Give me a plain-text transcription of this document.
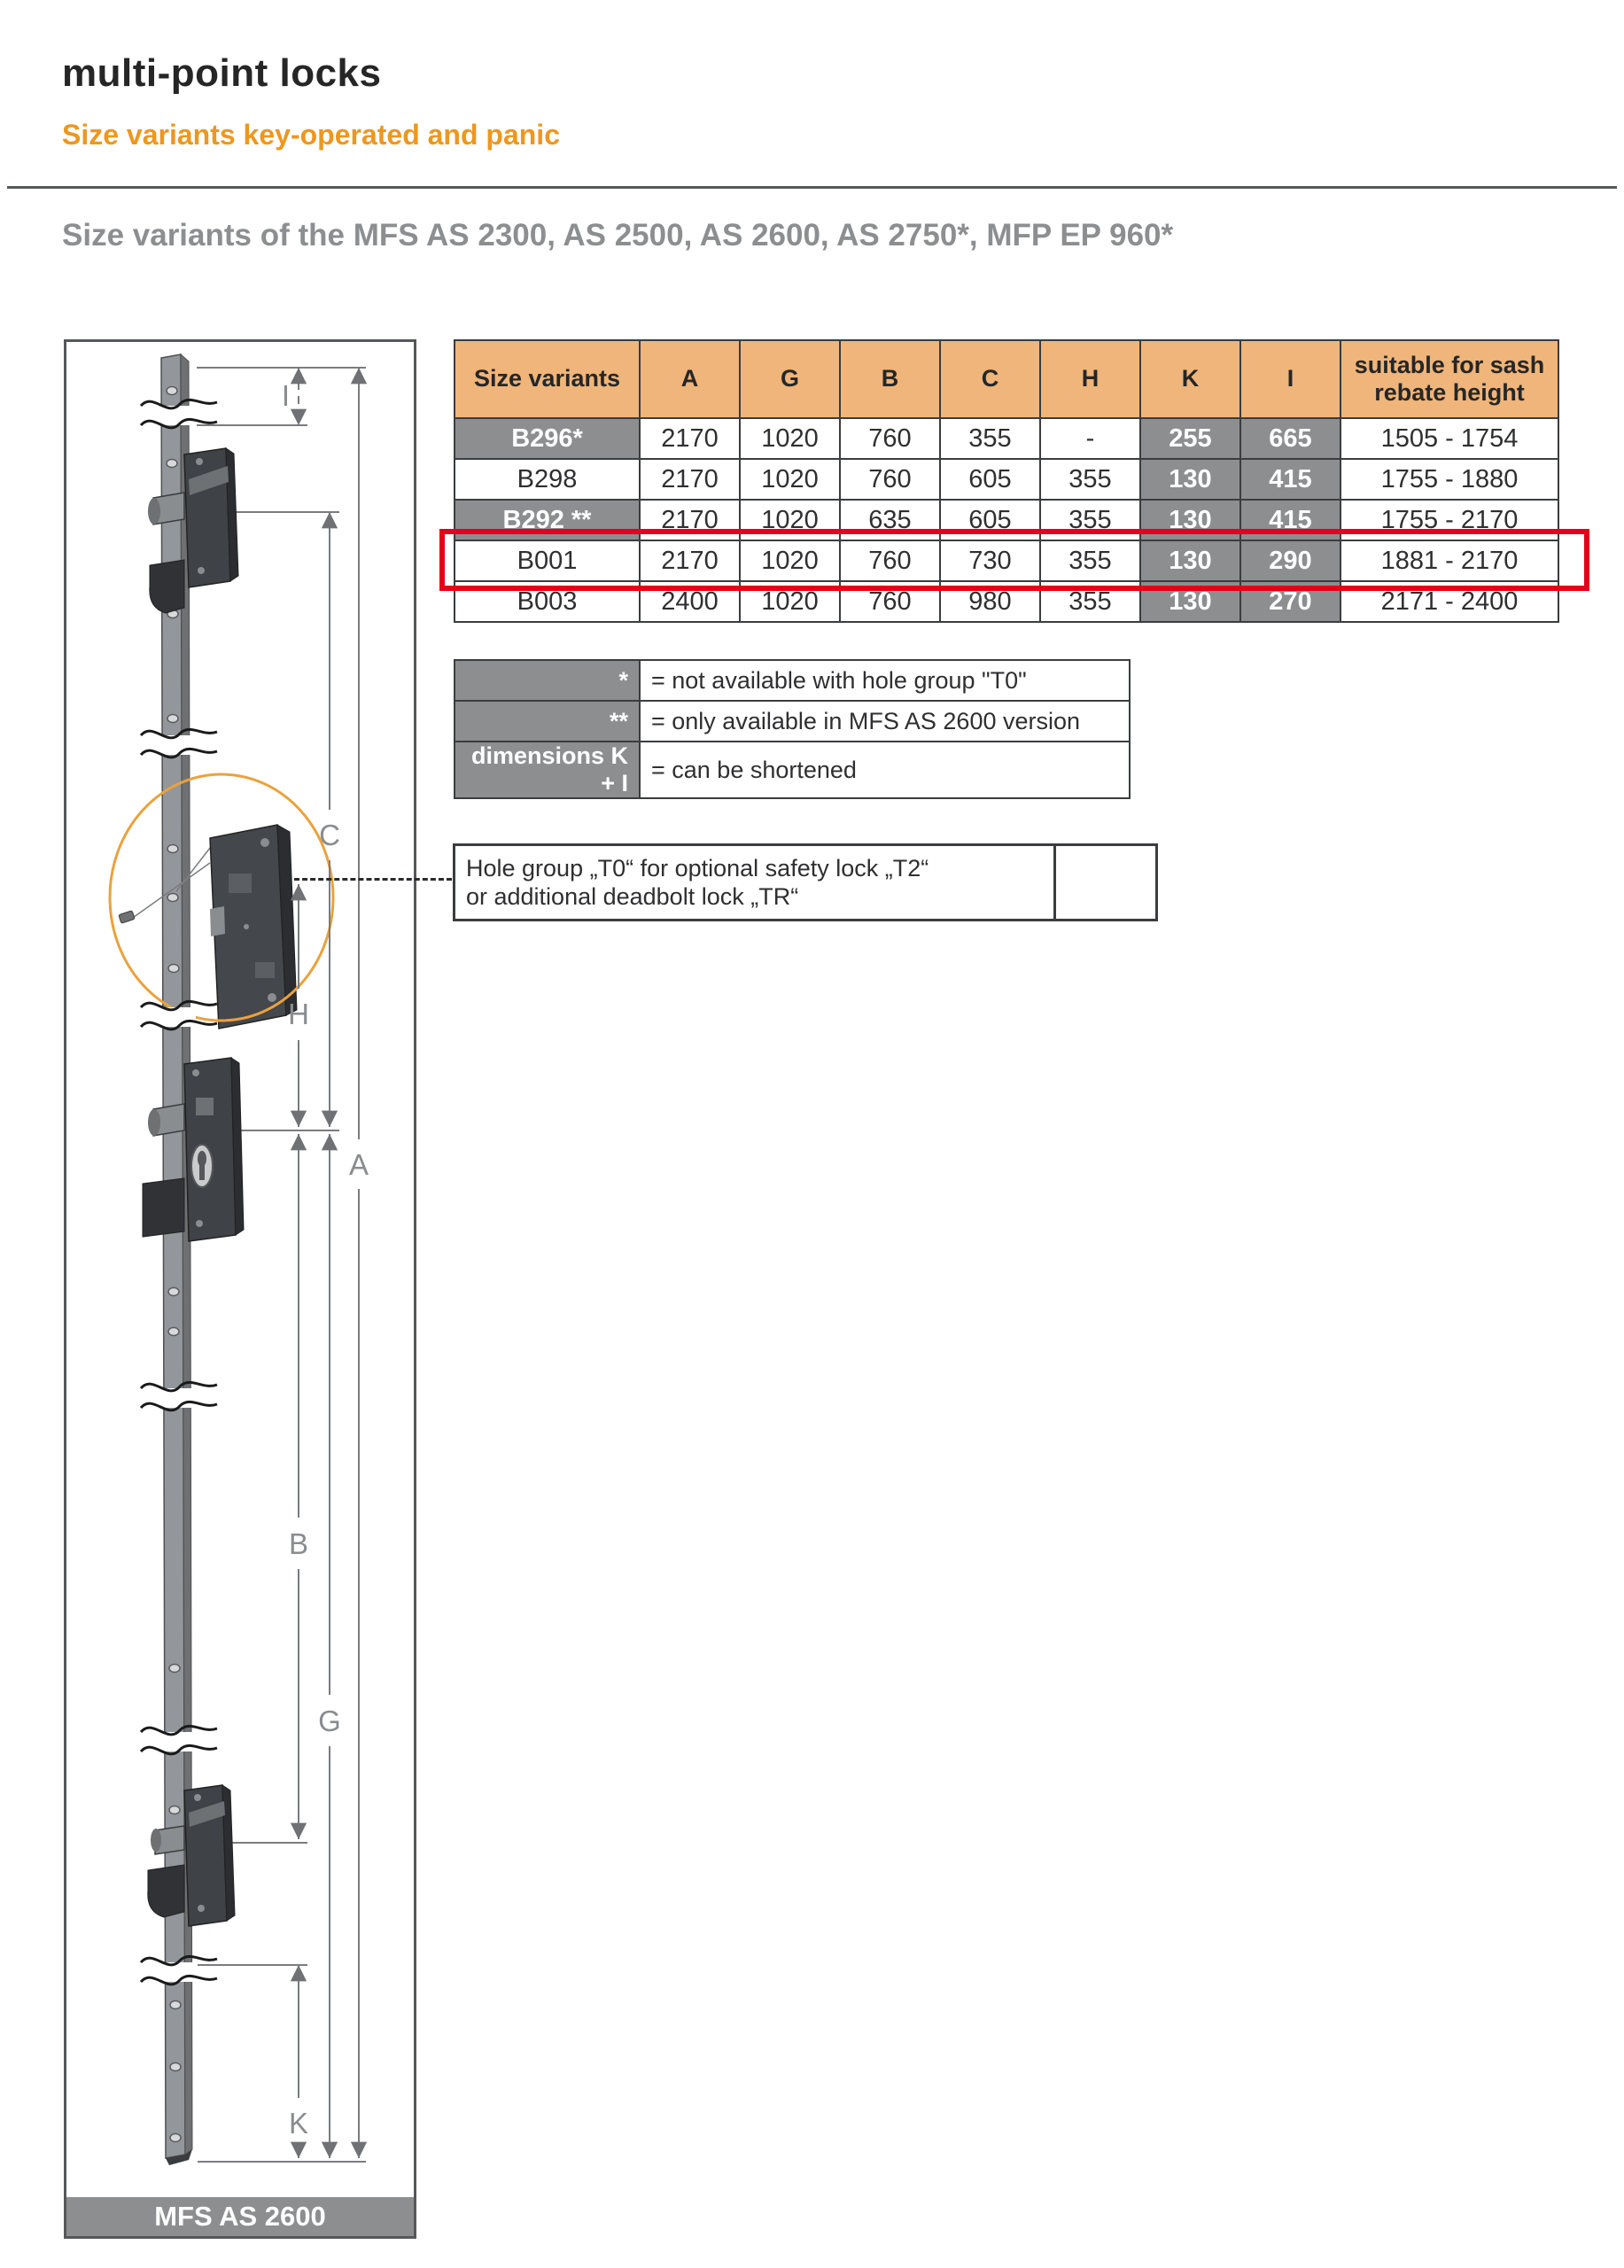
multi-point locks
Size variants key-operated and panic
Size variants of the MFS AS 2300, AS 2500, AS 2600, AS 2750*, MFP EP 960*
Size variants	A	G	B	C	H	K	I	suitable for sash rebate height
B296*	2170	1020	760	355	-	255	665	1505 - 1754
B298	2170	1020	760	605	355	130	415	1755 - 1880
B292 **	2170	1020	635	605	355	130	415	1755 - 2170
B001	2170	1020	760	730	355	130	290	1881 - 2170
B003	2400	1020	760	980	355	130	270	2171 - 2400
*	= not available with hole group "T0"
**	= only available in MFS AS 2600 version
dimensions K + I	= can be shortened
Hole group „T0“ for optional safety lock „T2“
or additional deadbolt lock „TR“
I
C
H
A
B
G
K
MFS AS 2600
